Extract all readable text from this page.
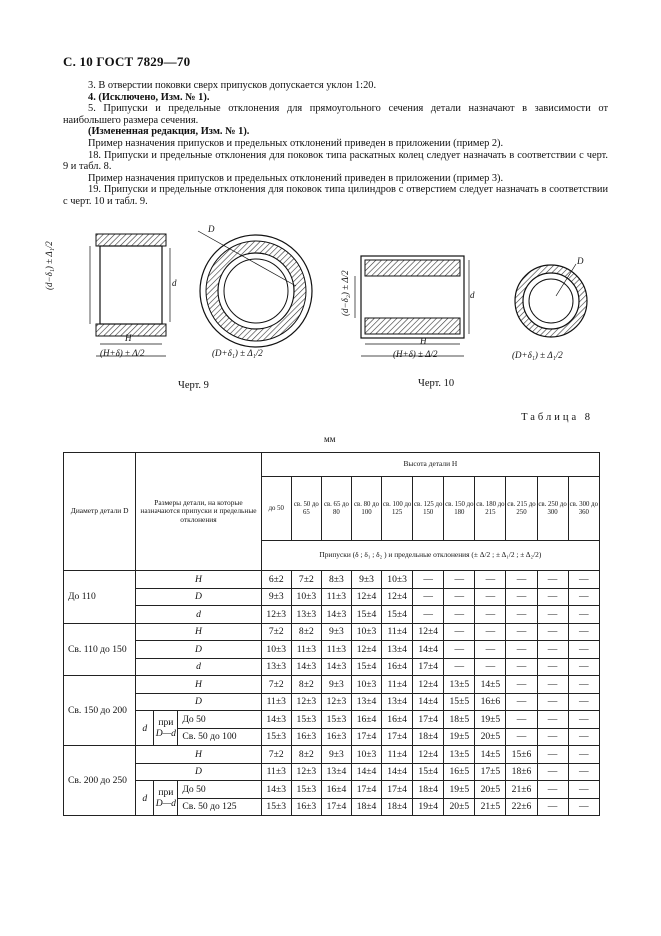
С. 10 ГОСТ 7829—70

3. В отверстии поковки сверх припусков допускается уклон 1:20.

4. (Исключено, Изм. № 1).

5. Припуски и предельные отклонения для прямоугольного сечения детали назначают в зависимости от наибольшего размера сечения.

(Измененная редакция, Изм. № 1).

Пример назначения припусков и предельных отклонений приведен в приложении (пример 2).

18. Припуски и предельные отклонения для поковок типа раскатных колец следует назначать в соответствии с черт. 9 и табл. 8.

Пример назначения припусков и предельных отклонений приведен в приложении (пример 3).

19. Припуски и предельные отклонения для поковок типа цилиндров с отверстием следует назначать в соответствии с черт. 10 и табл. 9.

(d−δ₁) ± Δ₁/2
H
(H+δ) ± Δ/2
d
D
(D+δ₁) ± Δ₁/2
(d−δ₂) ± Δ/2	d
H
(H+δ) ± Δ/2
D
(D+δ₁) ± Δ₁/2
Черт. 9	Черт. 10
Таблица 8
мм
Диаметр детали D	Размеры детали, на которые назначаются припуски и предельные отклонения			Высота детали H										
				до 50	св. 50 до 65	св. 65 до 80	св. 80 до 100	св. 100 до 125	св. 125 до 150	св. 150 до 180	св. 180 до 215	св. 215 до 250	св. 250 до 300	св. 300 до 360
				Припуски (δ ; δ₁ ; δ₂ ) и предельные отклонения (± Δ/2 ; ± Δ₁/2 ; ± Δ₂/2)										
До 110	H			6±2	7±2	8±3	9±3	10±3	—	—	—	—	—	—
	D			9±3	10±3	11±3	12±4	12±4	—	—	—	—	—	—
	d			12±3	13±3	14±3	15±4	15±4	—	—	—	—	—	—
Св. 110 до 150	H			7±2	8±2	9±3	10±3	11±4	12±4	—	—	—	—	—
	D			10±3	11±3	11±3	12±4	13±4	14±4	—	—	—	—	—
	d			13±3	14±3	14±3	15±4	16±4	17±4	—	—	—	—	—
Св. 150 до 200	H			7±2	8±2	9±3	10±3	11±4	12±4	13±5	14±5	—	—	—
	D			11±3	12±3	12±3	13±4	13±4	14±4	15±5	16±6	—	—	—
	d	при
D—d	До 50	14±3	15±3	15±3	16±4	16±4	17±4	18±5	19±5	—	—	—
			Св. 50 до 100	15±3	16±3	16±3	17±4	17±4	18±4	19±5	20±5	—	—	—
Св. 200 до 250	H			7±2	8±2	9±3	10±3	11±4	12±4	13±5	14±5	15±6	—	—
	D			11±3	12±3	13±4	14±4	14±4	15±4	16±5	17±5	18±6	—	—
	d	при
D—d	До 50	14±3	15±3	16±4	17±4	17±4	18±4	19±5	20±5	21±6	—	—
			Св. 50 до 125	15±3	16±3	17±4	18±4	18±4	19±4	20±5	21±5	22±6	—	—
